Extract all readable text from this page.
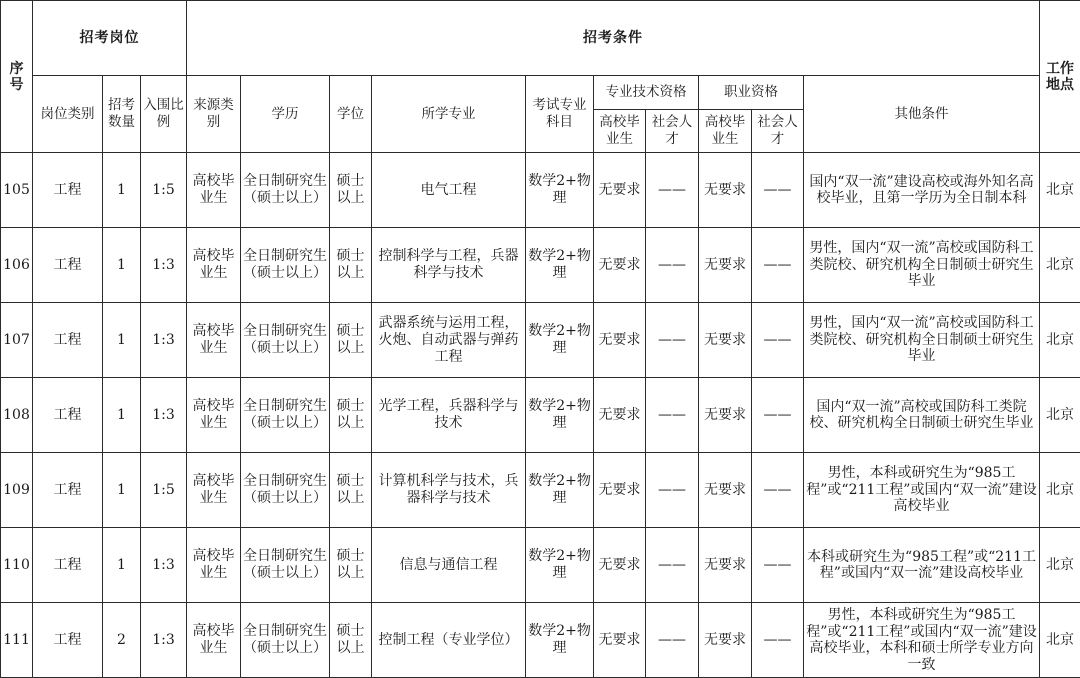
序号	招考岗位			招考条件										工作地点
	岗位类别	招考数量	入围比例	来源类别	学历	学位	所学专业	考试专业科目	专业技术资格		职业资格		其他条件	
									高校毕业生	社会人才	高校毕业生	社会人才		
105	工程	1	1:5	高校毕业生	全日制研究生（硕士以上）	硕士以上	电气工程	数学2+物理	无要求	——	无要求	——	国内“双一流”建设高校或海外知名高校毕业，且第一学历为全日制本科	北京
106	工程	1	1:3	高校毕业生	全日制研究生（硕士以上）	硕士以上	控制科学与工程，兵器科学与技术	数学2+物理	无要求	——	无要求	——	男性，国内“双一流”高校或国防科工类院校、研究机构全日制硕士研究生毕业	北京
107	工程	1	1:3	高校毕业生	全日制研究生（硕士以上）	硕士以上	武器系统与运用工程，火炮、自动武器与弹药工程	数学2+物理	无要求	——	无要求	——	男性，国内“双一流”高校或国防科工类院校、研究机构全日制硕士研究生毕业	北京
108	工程	1	1:3	高校毕业生	全日制研究生（硕士以上）	硕士以上	光学工程，兵器科学与技术	数学2+物理	无要求	——	无要求	——	国内“双一流”高校或国防科工类院校、研究机构全日制硕士研究生毕业	北京
109	工程	1	1:5	高校毕业生	全日制研究生（硕士以上）	硕士以上	计算机科学与技术，兵器科学与技术	数学2+物理	无要求	——	无要求	——	男性，本科或研究生为“985工程”或“211工程”或国内“双一流”建设高校毕业	北京
110	工程	1	1:3	高校毕业生	全日制研究生（硕士以上）	硕士以上	信息与通信工程	数学2+物理	无要求	——	无要求	——	本科或研究生为“985工程”或“211工程”或国内“双一流”建设高校毕业	北京
111	工程	2	1:3	高校毕业生	全日制研究生（硕士以上）	硕士以上	控制工程（专业学位）	数学2+物理	无要求	——	无要求	——	男性，本科或研究生为“985工程”或“211工程”或国内“双一流”建设高校毕业，本科和硕士所学专业方向一致	北京
